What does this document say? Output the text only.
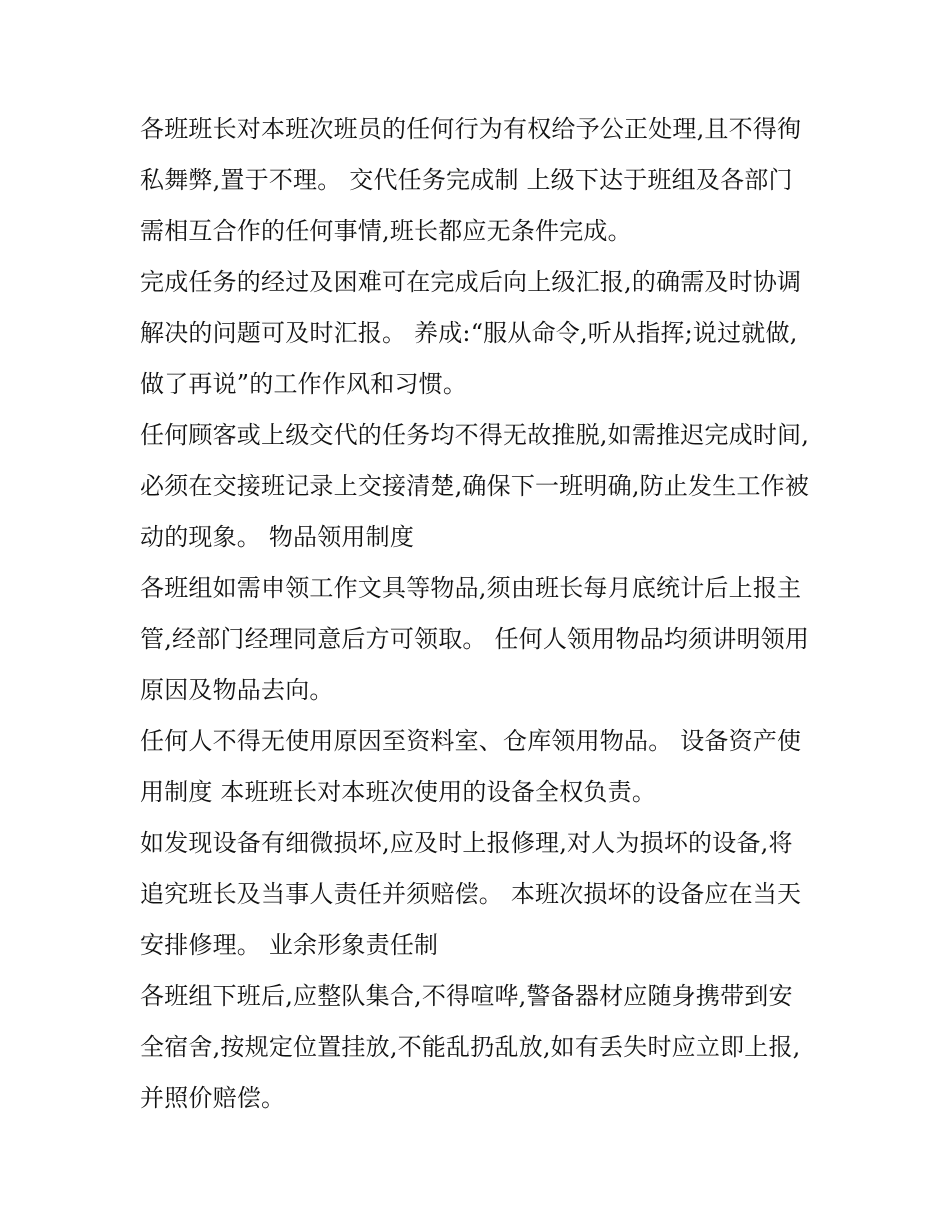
各班班长对本班次班员的任何行为有权给予公正处理,且不得徇私舞弊,置于不理。 交代任务完成制 上级下达于班组及各部门需相互合作的任何事情,班长都应无条件完成。

完成任务的经过及困难可在完成后向上级汇报,的确需及时协调解决的问题可及时汇报。 养成:“服从命令,听从指挥;说过就做,做了再说”的工作作风和习惯。

任何顾客或上级交代的任务均不得无故推脱,如需推迟完成时间,必须在交接班记录上交接清楚,确保下一班明确,防止发生工作被动的现象。 物品领用制度

各班组如需申领工作文具等物品,须由班长每月底统计后上报主管,经部门经理同意后方可领取。 任何人领用物品均须讲明领用原因及物品去向。

任何人不得无使用原因至资料室、仓库领用物品。 设备资产使用制度 本班班长对本班次使用的设备全权负责。

如发现设备有细微损坏,应及时上报修理,对人为损坏的设备,将追究班长及当事人责任并须赔偿。 本班次损坏的设备应在当天安排修理。 业余形象责任制

各班组下班后,应整队集合,不得喧哗,警备器材应随身携带到安全宿舍,按规定位置挂放,不能乱扔乱放,如有丢失时应立即上报,并照价赔偿。
